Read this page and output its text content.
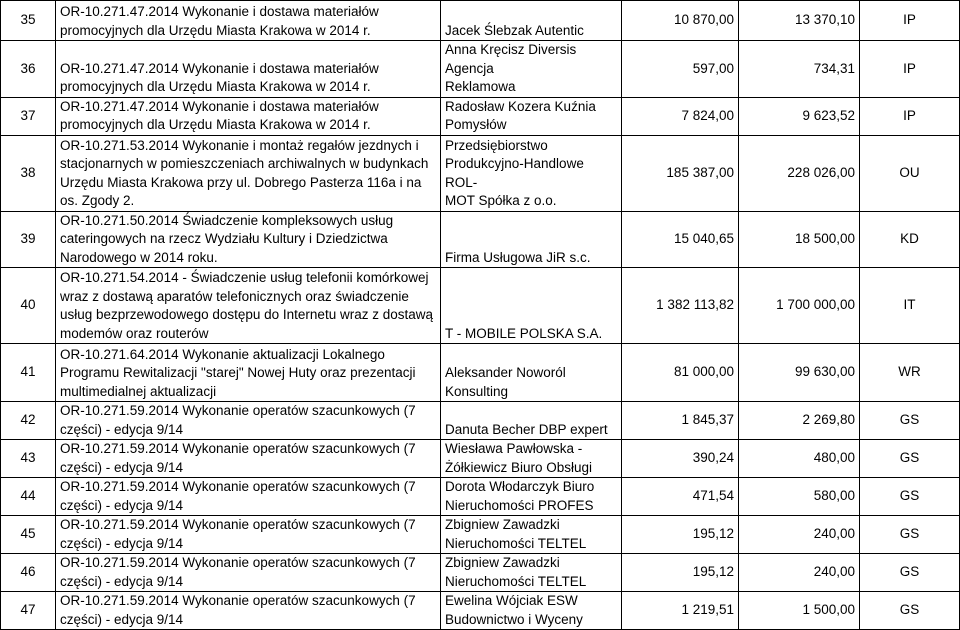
35	OR-10.271.47.2014 Wykonanie i dostawa materiałów
promocyjnych dla Urzędu Miasta Krakowa w 2014 r.	Jacek Ślebzak Autentic	10 870,00	13 370,10	IP
36	OR-10.271.47.2014 Wykonanie i dostawa materiałów
promocyjnych dla Urzędu Miasta Krakowa w 2014 r.	Anna Kręcisz Diversis Agencja
Reklamowa	597,00	734,31	IP
37	OR-10.271.47.2014 Wykonanie i dostawa materiałów
promocyjnych dla Urzędu Miasta Krakowa w 2014 r.	Radosław Kozera Kuźnia
Pomysłów	7 824,00	9 623,52	IP
38	OR-10.271.53.2014 Wykonanie i montaż regałów jezdnych i
stacjonarnych w pomieszczeniach archiwalnych w budynkach
Urzędu Miasta Krakowa przy ul. Dobrego Pasterza 116a i na
os. Zgody 2.	Przedsiębiorstwo
Produkcyjno-Handlowe ROL-
MOT Spółka z o.o.	185 387,00	228 026,00	OU
39	OR-10.271.50.2014 Świadczenie kompleksowych usług
cateringowych na rzecz Wydziału Kultury i Dziedzictwa
Narodowego w 2014 roku.	Firma Usługowa JiR s.c.	15 040,65	18 500,00	KD
40	OR-10.271.54.2014 - Świadczenie usług telefonii komórkowej
wraz z dostawą aparatów telefonicznych oraz świadczenie
usług bezprzewodowego dostępu do Internetu wraz z dostawą
modemów oraz routerów	T - MOBILE POLSKA S.A.	1 382 113,82	1 700 000,00	IT
41	OR-10.271.64.2014 Wykonanie aktualizacji Lokalnego
Programu Rewitalizacji "starej" Nowej Huty oraz prezentacji
multimedialnej aktualizacji	Aleksander Noworól
Konsulting	81 000,00	99 630,00	WR
42	OR-10.271.59.2014 Wykonanie operatów szacunkowych (7
części) - edycja 9/14	Danuta Becher DBP expert	1 845,37	2 269,80	GS
43	OR-10.271.59.2014 Wykonanie operatów szacunkowych (7
części) - edycja 9/14	Wiesława Pawłowska -
Żółkiewicz Biuro Obsługi	390,24	480,00	GS
44	OR-10.271.59.2014 Wykonanie operatów szacunkowych (7
części) - edycja 9/14	Dorota Włodarczyk Biuro
Nieruchomości PROFES	471,54	580,00	GS
45	OR-10.271.59.2014 Wykonanie operatów szacunkowych (7
części) - edycja 9/14	Zbigniew Zawadzki
Nieruchomości TELTEL	195,12	240,00	GS
46	OR-10.271.59.2014 Wykonanie operatów szacunkowych (7
części) - edycja 9/14	Zbigniew Zawadzki
Nieruchomości TELTEL	195,12	240,00	GS
47	OR-10.271.59.2014 Wykonanie operatów szacunkowych (7
części) - edycja 9/14	Ewelina Wójciak ESW
Budownictwo i Wyceny	1 219,51	1 500,00	GS
